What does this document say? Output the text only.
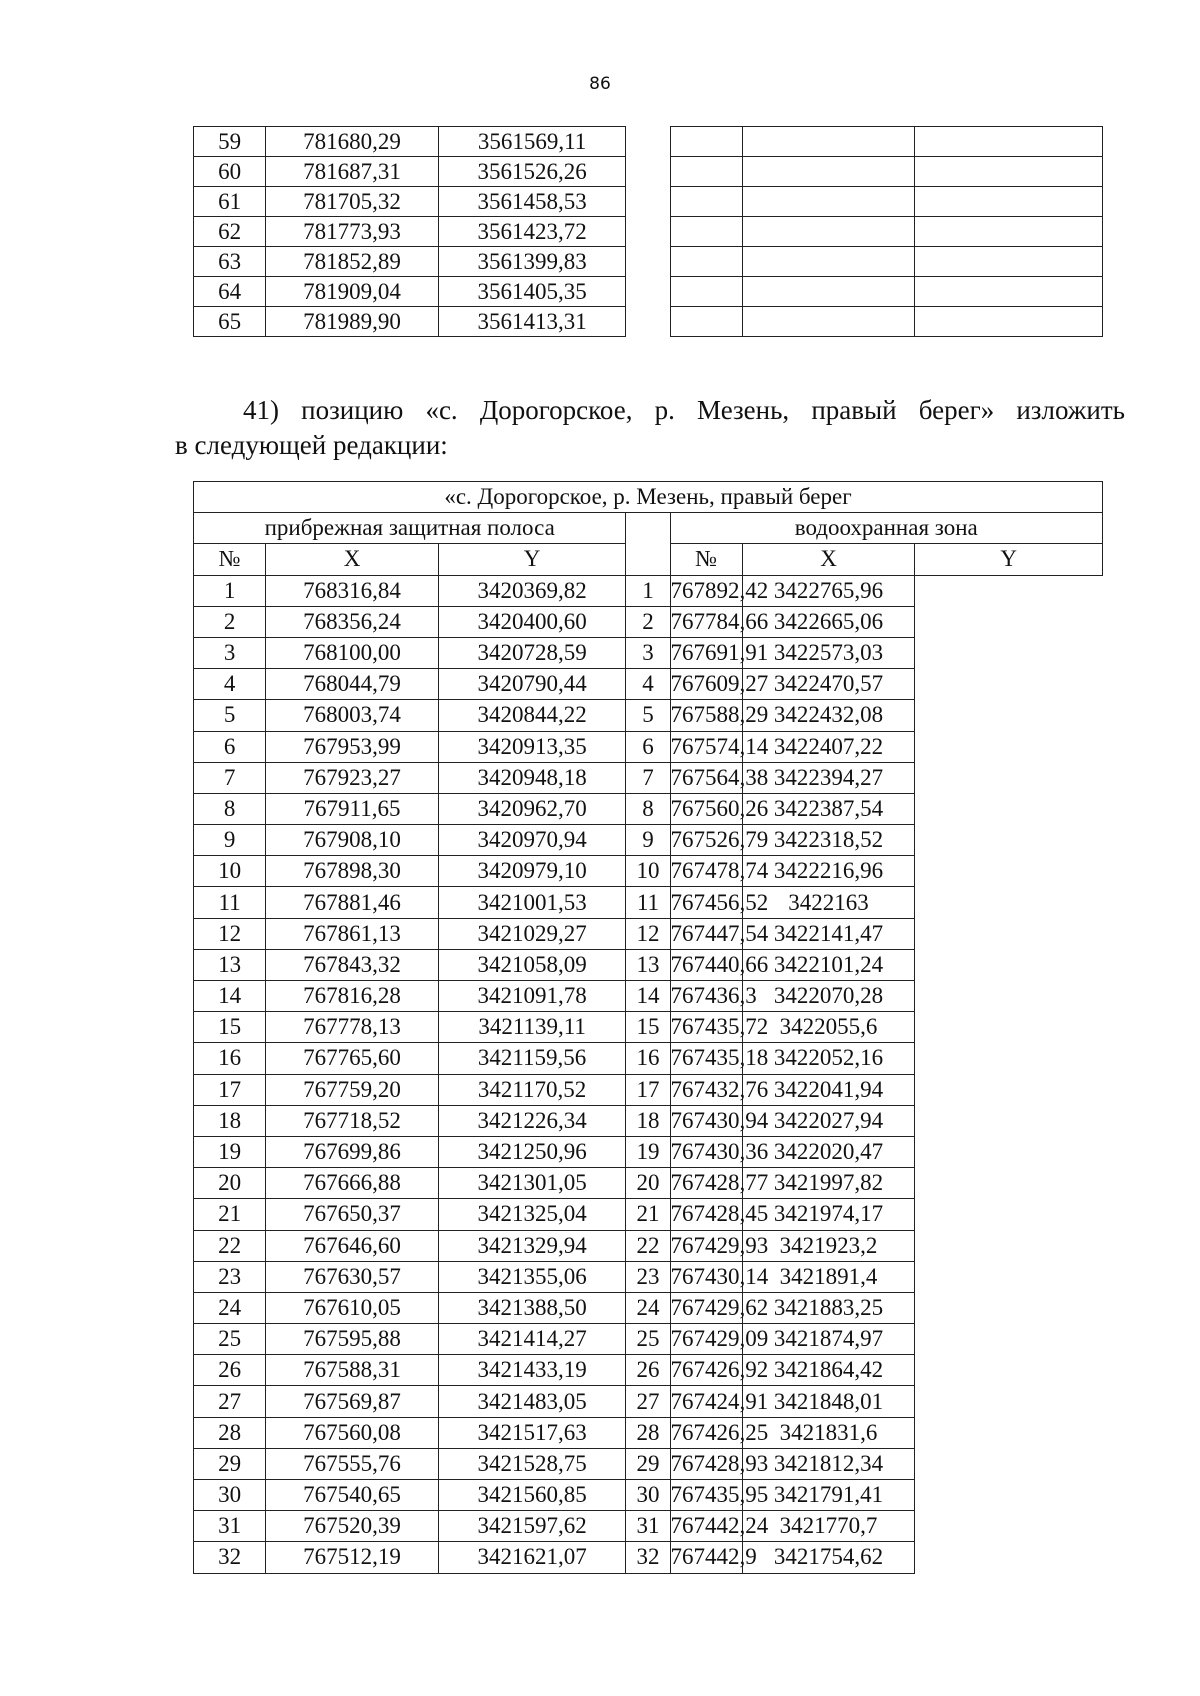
86
59	781680,29	3561569,11				
60	781687,31	3561526,26				
61	781705,32	3561458,53				
62	781773,93	3561423,72				
63	781852,89	3561399,83				
64	781909,04	3561405,35				
65	781989,90	3561413,31				
41) позицию «с. Дорогорское, р. Мезень, правый берег» изложить
в следующей редакции:
«с. Дорогорское, р. Мезень, правый берег						
прибрежная защитная полоса				водоохранная зона		
№	X	Y		№	X	Y
1	768316,84	3420369,82	1	767892,42	3422765,96	
2	768356,24	3420400,60	2	767784,66	3422665,06	
3	768100,00	3420728,59	3	767691,91	3422573,03	
4	768044,79	3420790,44	4	767609,27	3422470,57	
5	768003,74	3420844,22	5	767588,29	3422432,08	
6	767953,99	3420913,35	6	767574,14	3422407,22	
7	767923,27	3420948,18	7	767564,38	3422394,27	
8	767911,65	3420962,70	8	767560,26	3422387,54	
9	767908,10	3420970,94	9	767526,79	3422318,52	
10	767898,30	3420979,10	10	767478,74	3422216,96	
11	767881,46	3421001,53	11	767456,52	3422163	
12	767861,13	3421029,27	12	767447,54	3422141,47	
13	767843,32	3421058,09	13	767440,66	3422101,24	
14	767816,28	3421091,78	14	767436,3	3422070,28	
15	767778,13	3421139,11	15	767435,72	3422055,6	
16	767765,60	3421159,56	16	767435,18	3422052,16	
17	767759,20	3421170,52	17	767432,76	3422041,94	
18	767718,52	3421226,34	18	767430,94	3422027,94	
19	767699,86	3421250,96	19	767430,36	3422020,47	
20	767666,88	3421301,05	20	767428,77	3421997,82	
21	767650,37	3421325,04	21	767428,45	3421974,17	
22	767646,60	3421329,94	22	767429,93	3421923,2	
23	767630,57	3421355,06	23	767430,14	3421891,4	
24	767610,05	3421388,50	24	767429,62	3421883,25	
25	767595,88	3421414,27	25	767429,09	3421874,97	
26	767588,31	3421433,19	26	767426,92	3421864,42	
27	767569,87	3421483,05	27	767424,91	3421848,01	
28	767560,08	3421517,63	28	767426,25	3421831,6	
29	767555,76	3421528,75	29	767428,93	3421812,34	
30	767540,65	3421560,85	30	767435,95	3421791,41	
31	767520,39	3421597,62	31	767442,24	3421770,7	
32	767512,19	3421621,07	32	767442,9	3421754,62	
